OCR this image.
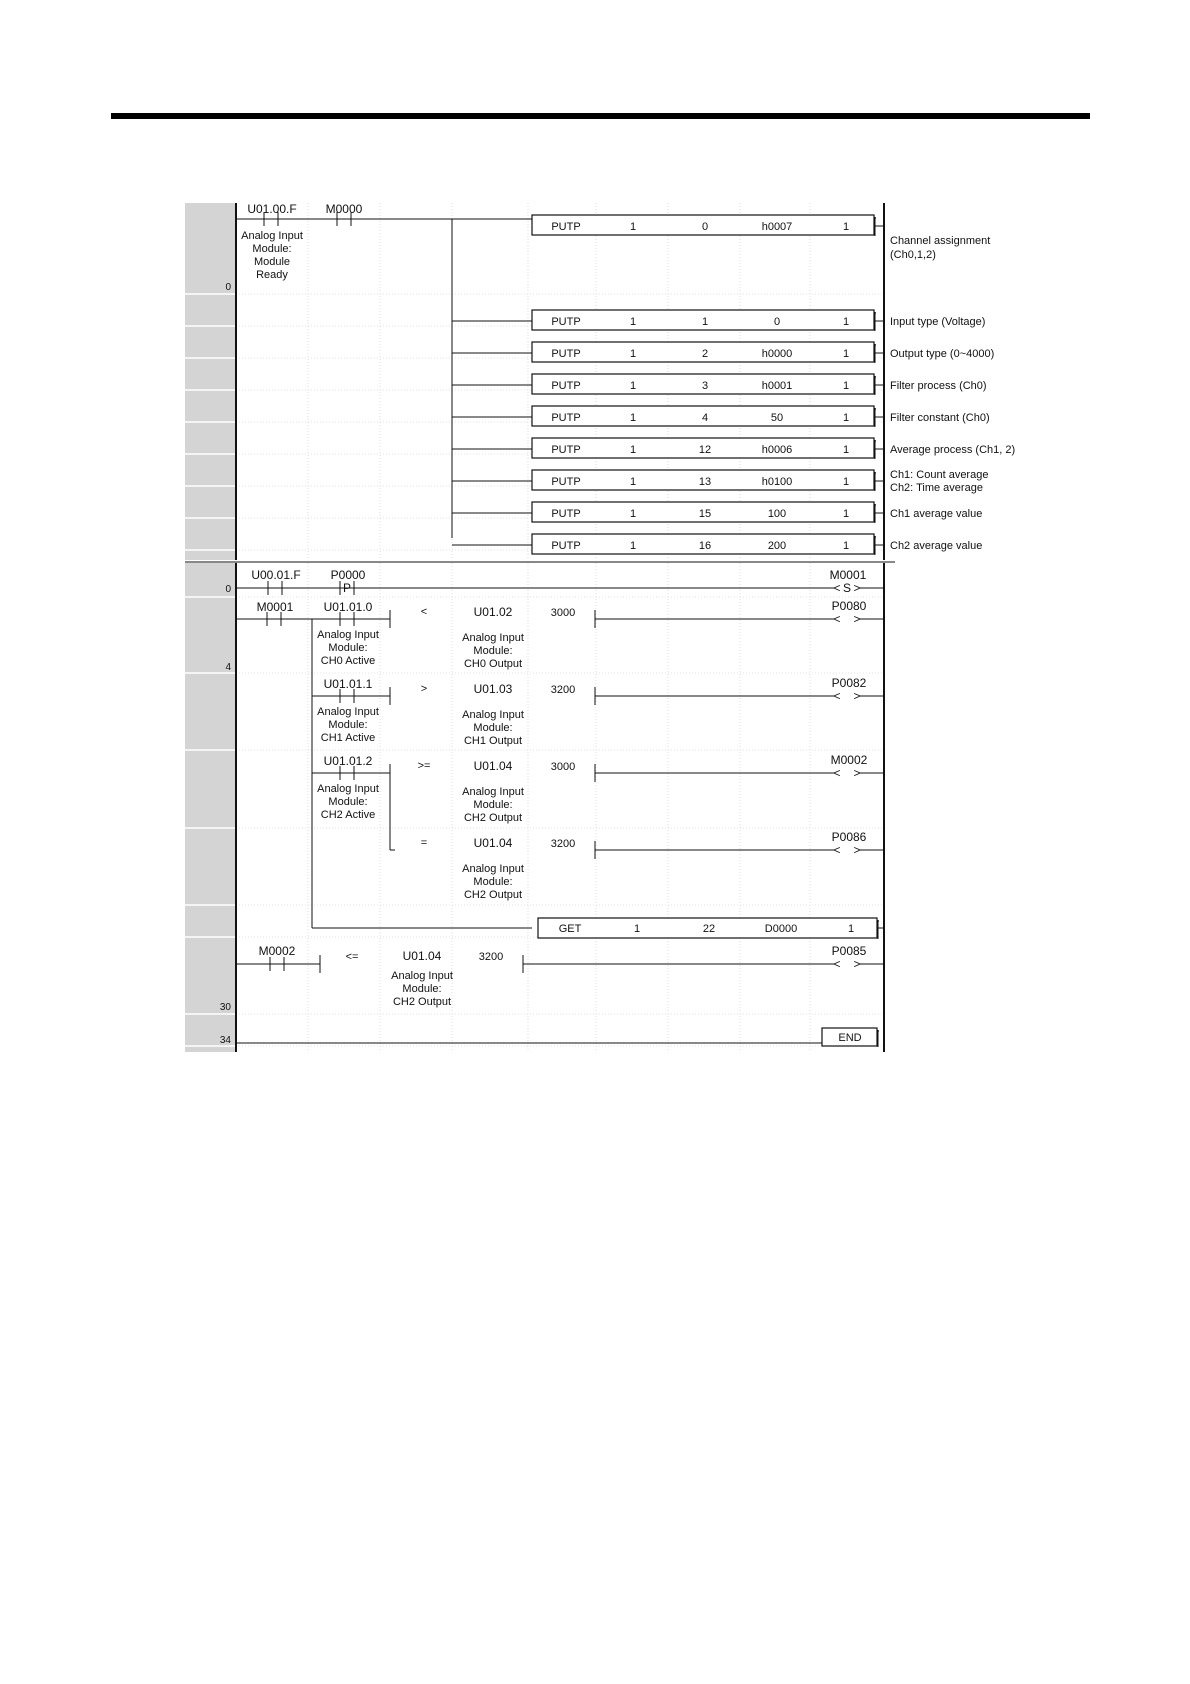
0
U01.00.F
Analog Input
Module:
Module
Ready
M0000
PUTP	1	0	h0007	1
Channel assignment
(Ch0,1,2)
PUTP	1	1	0	1	Input type (Voltage)
PUTP	1	2	h0000	1	Output type (0~4000)
PUTP	1	3	h0001	1	Filter process (Ch0)
PUTP	1	4	50	1	Filter constant (Ch0)
PUTP	1	12	h0006	1	Average process (Ch1, 2)
PUTP	1	13	h0100	1
Ch1: Count average
Ch2: Time average
PUTP	1	15	100	1	Ch1 average value
PUTP	1	16	200	1	Ch2 average value
0
4
30
34
U00.01.F
P
P0000
< >
S
M0001
M0001	U01.01.0
Analog Input
Module:
CH0 Active
<	U01.02
Analog Input
Module:
CH0 Output
3000	< >
P0080
U01.01.1
Analog Input
Module:
CH1 Active
>	U01.03
Analog Input
Module:
CH1 Output
3200	< >
P0082
U01.01.2
Analog Input
Module:
CH2 Active
>=	U01.04
Analog Input
Module:
CH2 Output
3000	< >
M0002
=	U01.04
Analog Input
Module:
CH2 Output
3200	< >
P0086
GET	1	22	D0000	1
M0002	<=	U01.04
Analog Input
Module:
CH2 Output
3200	< >
P0085
END
